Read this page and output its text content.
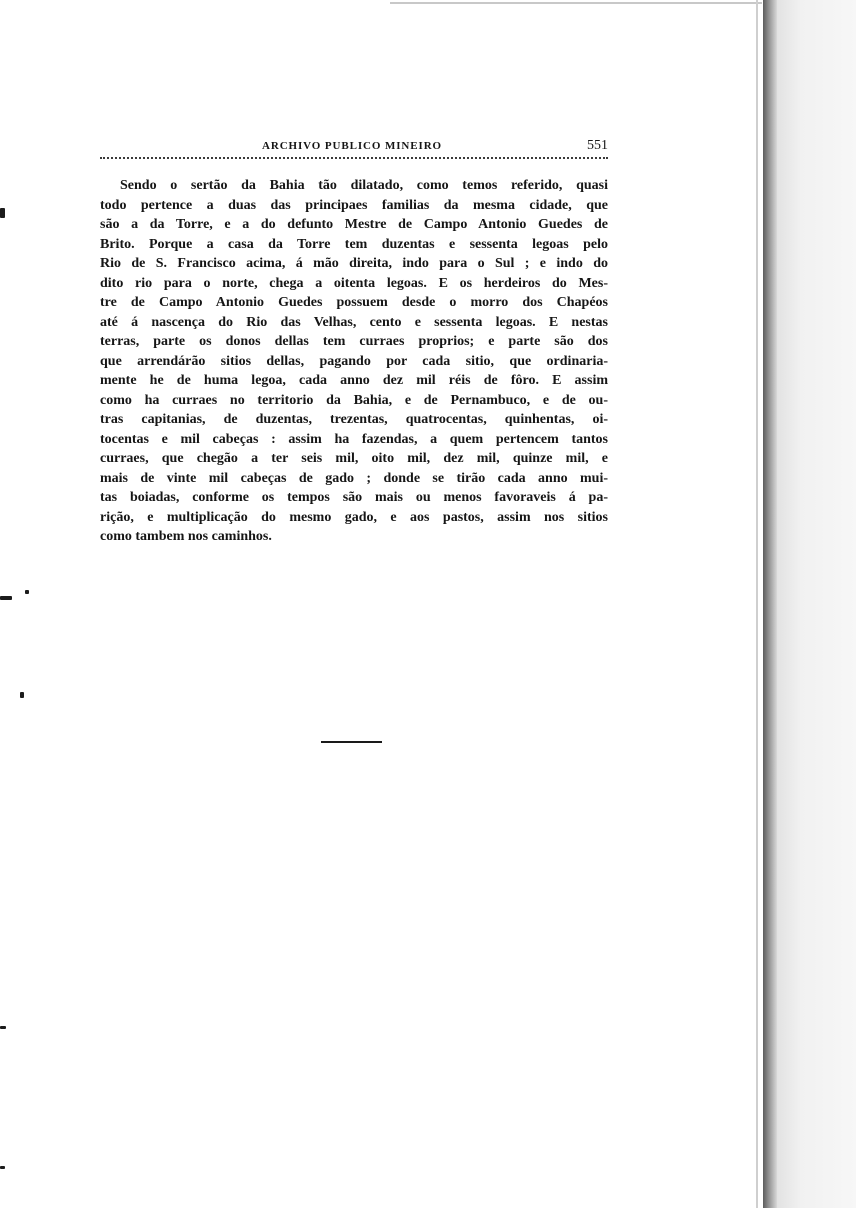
ARCHIVO PUBLICO MINEIRO	551
Sendo o sertão da Bahia tão dilatado, como temos referido, quasi
todo pertence a duas das principaes familias da mesma cidade, que
são a da Torre, e a do defunto Mestre de Campo Antonio Guedes de
Brito. Porque a casa da Torre tem duzentas e sessenta legoas pelo
Rio de S. Francisco acima, á mão direita, indo para o Sul ; e indo do
dito rio para o norte, chega a oitenta legoas. E os herdeiros do Mes-
tre de Campo Antonio Guedes possuem desde o morro dos Chapéos
até á nascença do Rio das Velhas, cento e sessenta legoas. E nestas
terras, parte os donos dellas tem curraes proprios; e parte são dos
que arrendárão sitios dellas, pagando por cada sitio, que ordinaria-
mente he de huma legoa, cada anno dez mil réis de fôro. E assim
como ha curraes no territorio da Bahia, e de Pernambuco, e de ou-
tras capitanias, de duzentas, trezentas, quatrocentas, quinhentas, oi-
tocentas e mil cabeças : assim ha fazendas, a quem pertencem tantos
curraes, que chegão a ter seis mil, oito mil, dez mil, quinze mil, e
mais de vinte mil cabeças de gado ; donde se tirão cada anno mui-
tas boiadas, conforme os tempos são mais ou menos favoraveis á pa-
rição, e multiplicação do mesmo gado, e aos pastos, assim nos sitios
como tambem nos caminhos.
